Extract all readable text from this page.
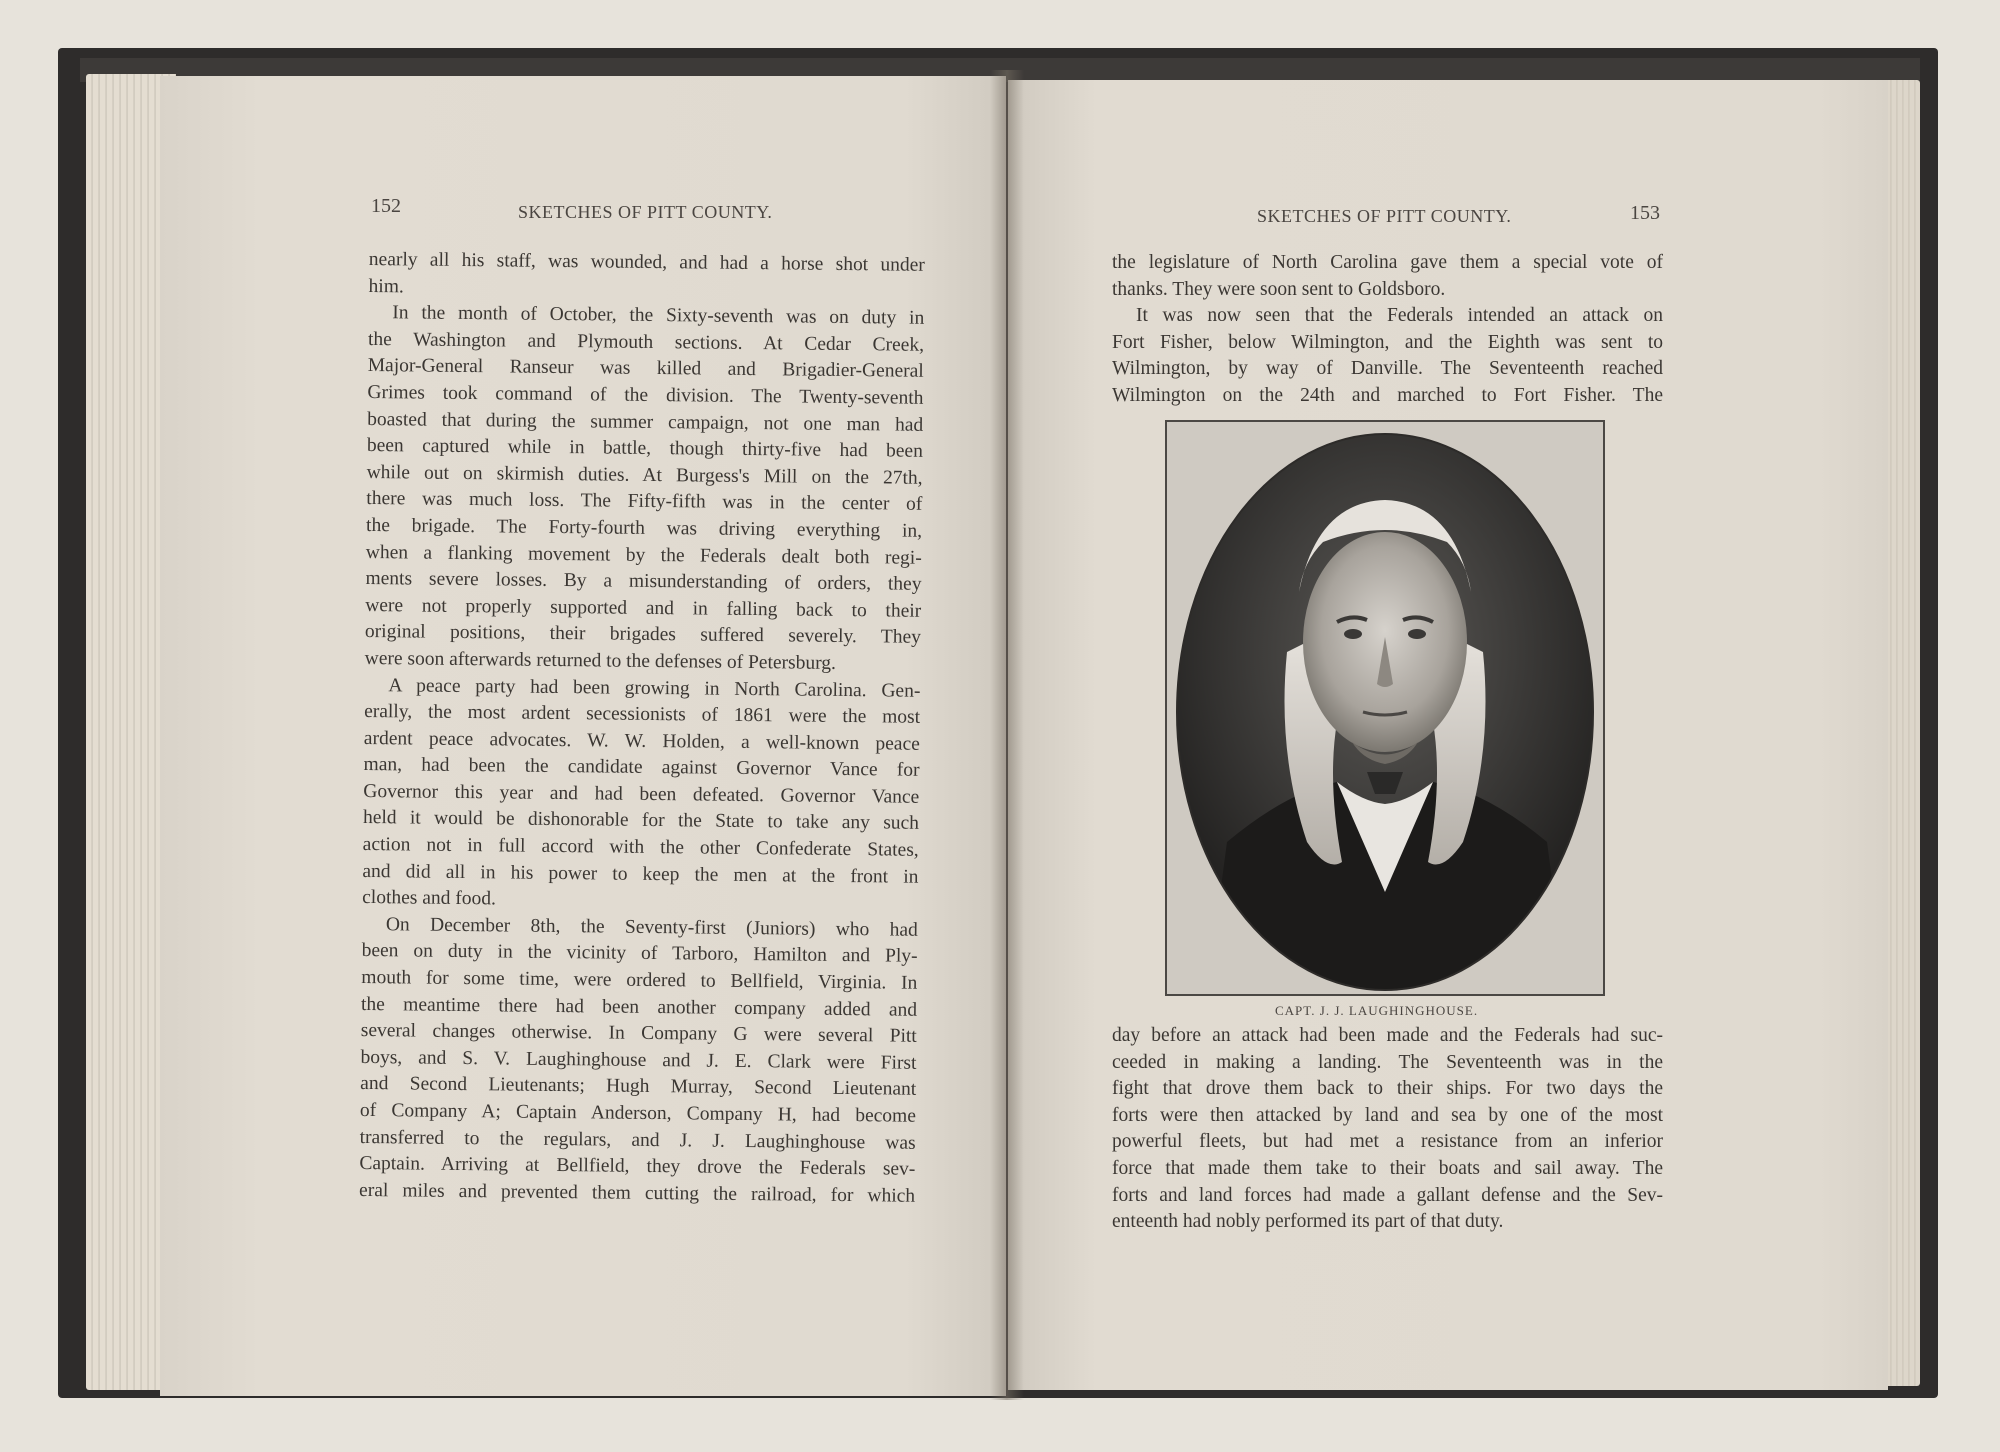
152	SKETCHES OF PITT COUNTY.
nearly all his staff, was wounded, and had a horse shot under
him.
In the month of October, the Sixty-seventh was on duty in
the Washington and Plymouth sections. At Cedar Creek,
Major-General Ranseur was killed and Brigadier-General
Grimes took command of the division. The Twenty-seventh
boasted that during the summer campaign, not one man had
been captured while in battle, though thirty-five had been
while out on skirmish duties. At Burgess's Mill on the 27th,
there was much loss. The Fifty-fifth was in the center of
the brigade. The Forty-fourth was driving everything in,
when a flanking movement by the Federals dealt both regi-
ments severe losses. By a misunderstanding of orders, they
were not properly supported and in falling back to their
original positions, their brigades suffered severely. They
were soon afterwards returned to the defenses of Petersburg.
A peace party had been growing in North Carolina. Gen-
erally, the most ardent secessionists of 1861 were the most
ardent peace advocates. W. W. Holden, a well-known peace
man, had been the candidate against Governor Vance for
Governor this year and had been defeated. Governor Vance
held it would be dishonorable for the State to take any such
action not in full accord with the other Confederate States,
and did all in his power to keep the men at the front in
clothes and food.
On December 8th, the Seventy-first (Juniors) who had
been on duty in the vicinity of Tarboro, Hamilton and Ply-
mouth for some time, were ordered to Bellfield, Virginia. In
the meantime there had been another company added and
several changes otherwise. In Company G were several Pitt
boys, and S. V. Laughinghouse and J. E. Clark were First
and Second Lieutenants; Hugh Murray, Second Lieutenant
of Company A; Captain Anderson, Company H, had become
transferred to the regulars, and J. J. Laughinghouse was
Captain. Arriving at Bellfield, they drove the Federals sev-
eral miles and prevented them cutting the railroad, for which
SKETCHES OF PITT COUNTY.	153
the legislature of North Carolina gave them a special vote of
thanks. They were soon sent to Goldsboro.
It was now seen that the Federals intended an attack on
Fort Fisher, below Wilmington, and the Eighth was sent to
Wilmington, by way of Danville. The Seventeenth reached
Wilmington on the 24th and marched to Fort Fisher. The
CAPT. J. J. LAUGHINGHOUSE.
day before an attack had been made and the Federals had suc-
ceeded in making a landing. The Seventeenth was in the
fight that drove them back to their ships. For two days the
forts were then attacked by land and sea by one of the most
powerful fleets, but had met a resistance from an inferior
force that made them take to their boats and sail away. The
forts and land forces had made a gallant defense and the Sev-
enteenth had nobly performed its part of that duty.
